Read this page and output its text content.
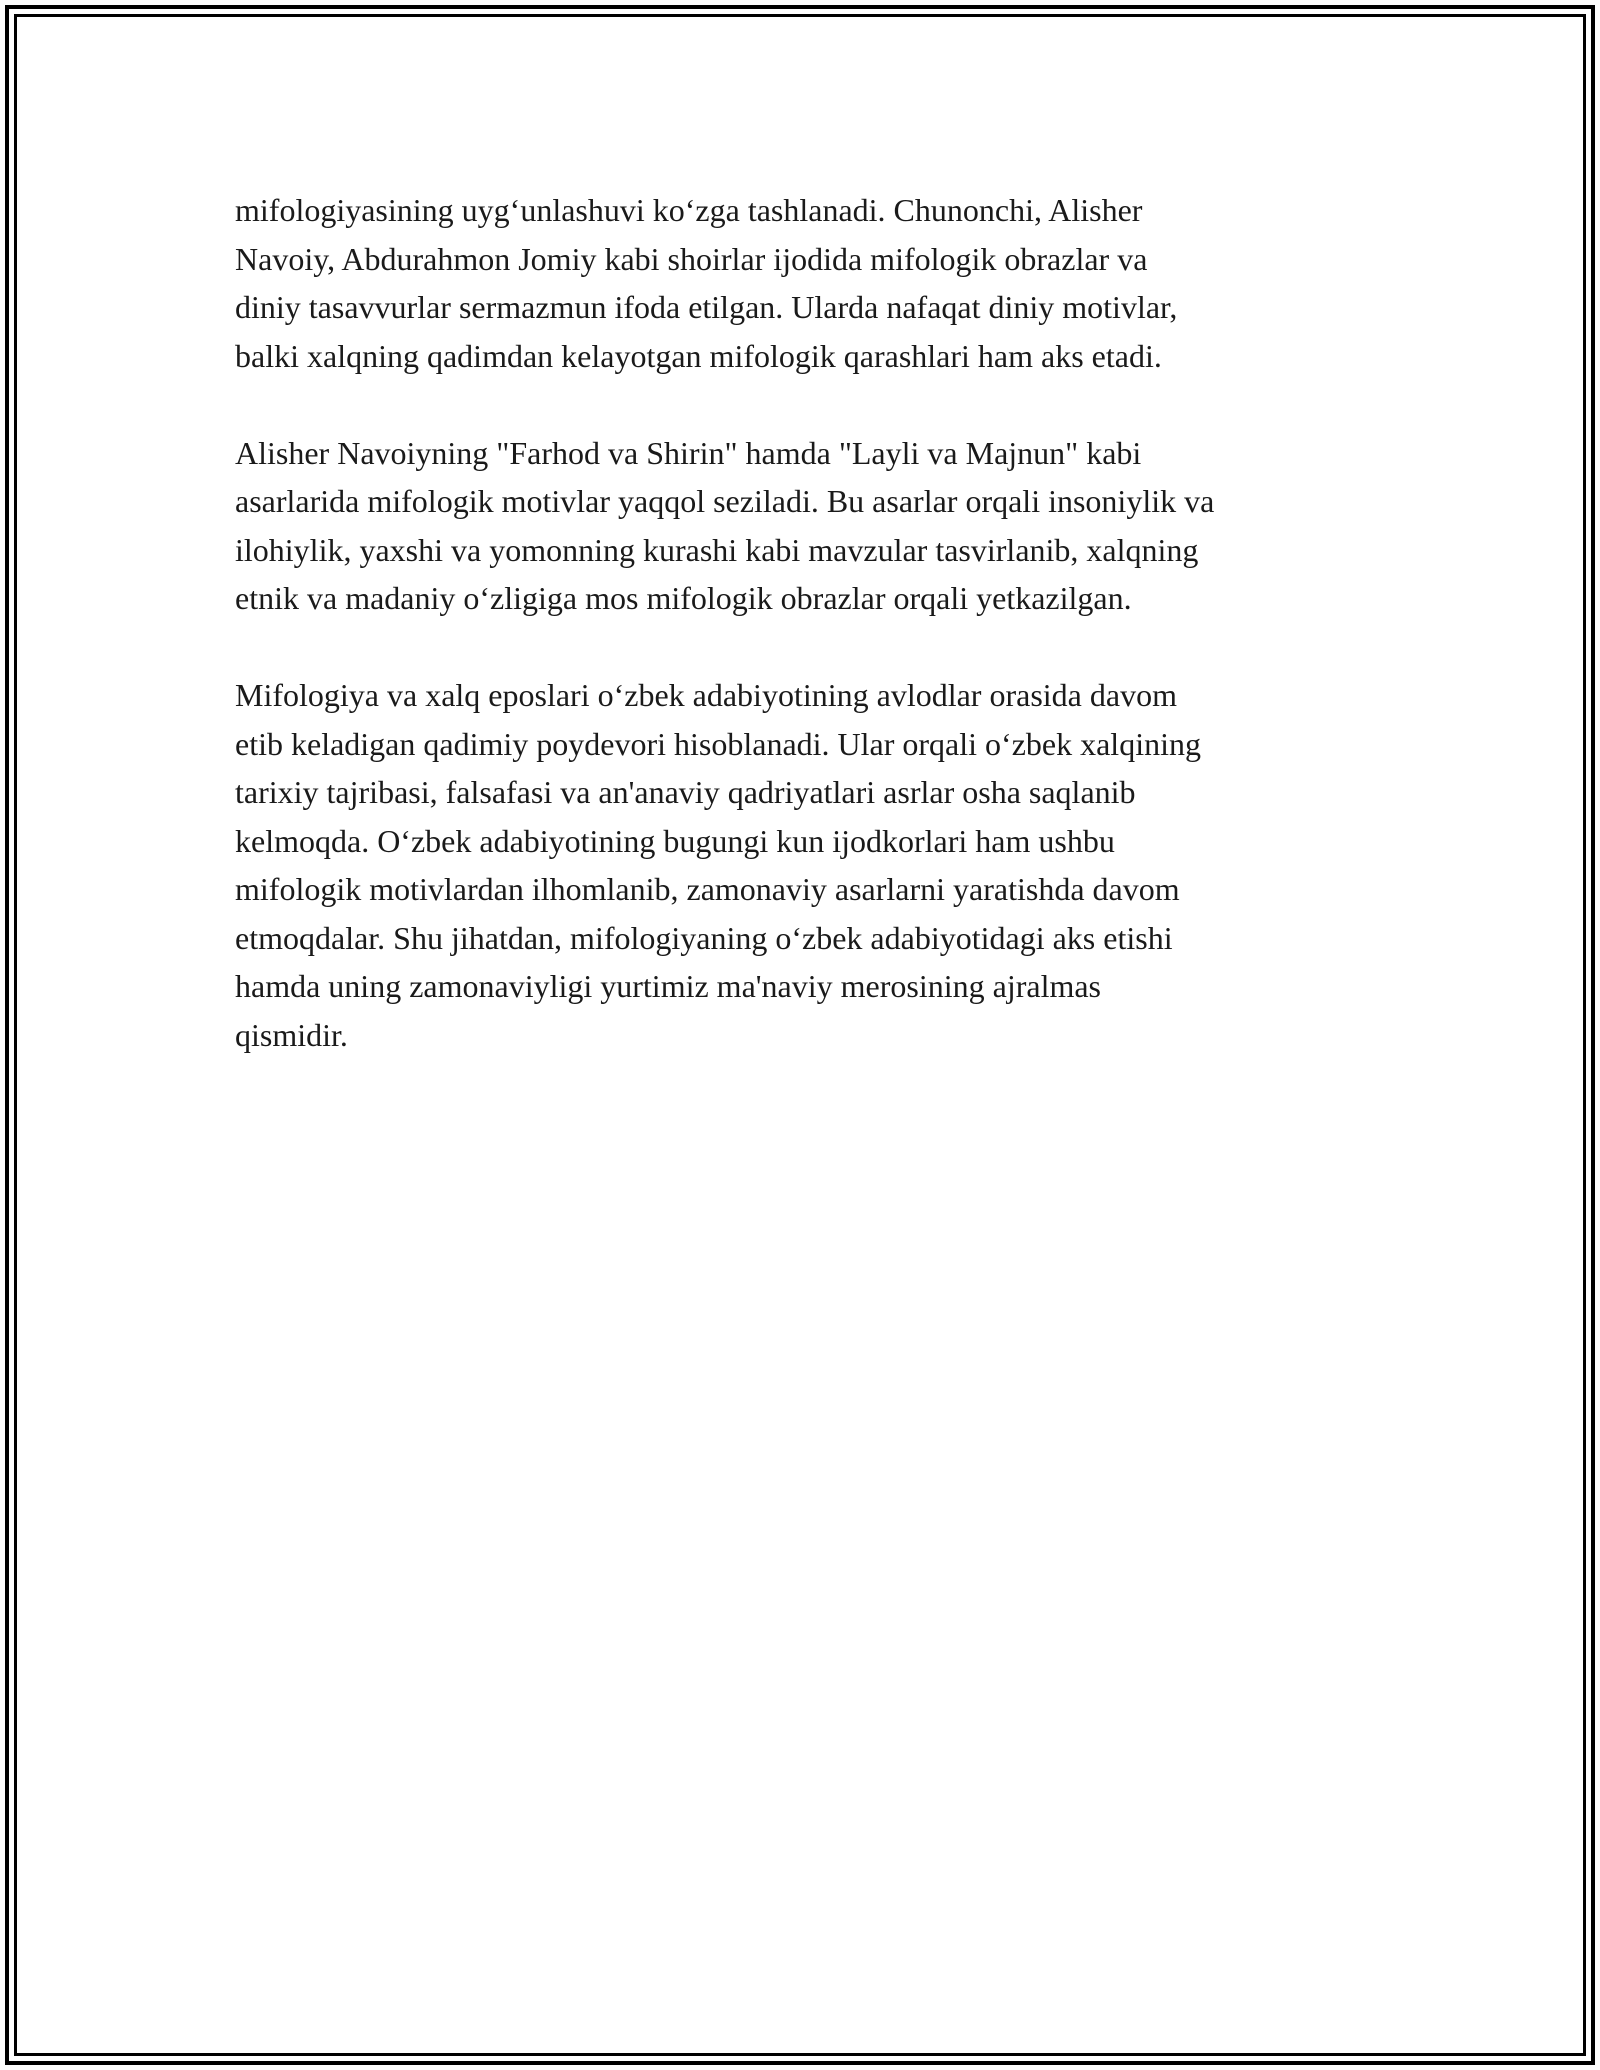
mifologiyasining uyg‘unlashuvi ko‘zga tashlanadi. Chunonchi, Alisher
Navoiy, Abdurahmon Jomiy kabi shoirlar ijodida mifologik obrazlar va
diniy tasavvurlar sermazmun ifoda etilgan. Ularda nafaqat diniy motivlar,
balki xalqning qadimdan kelayotgan mifologik qarashlari ham aks etadi.

Alisher Navoiyning "Farhod va Shirin" hamda "Layli va Majnun" kabi
asarlarida mifologik motivlar yaqqol seziladi. Bu asarlar orqali insoniylik va
ilohiylik, yaxshi va yomonning kurashi kabi mavzular tasvirlanib, xalqning
etnik va madaniy o‘zligiga mos mifologik obrazlar orqali yetkazilgan.

Mifologiya va xalq eposlari o‘zbek adabiyotining avlodlar orasida davom
etib keladigan qadimiy poydevori hisoblanadi. Ular orqali o‘zbek xalqining
tarixiy tajribasi, falsafasi va an'anaviy qadriyatlari asrlar osha saqlanib
kelmoqda. O‘zbek adabiyotining bugungi kun ijodkorlari ham ushbu
mifologik motivlardan ilhomlanib, zamonaviy asarlarni yaratishda davom
etmoqdalar. Shu jihatdan, mifologiyaning o‘zbek adabiyotidagi aks etishi
hamda uning zamonaviyligi yurtimiz ma'naviy merosining ajralmas
qismidir.
